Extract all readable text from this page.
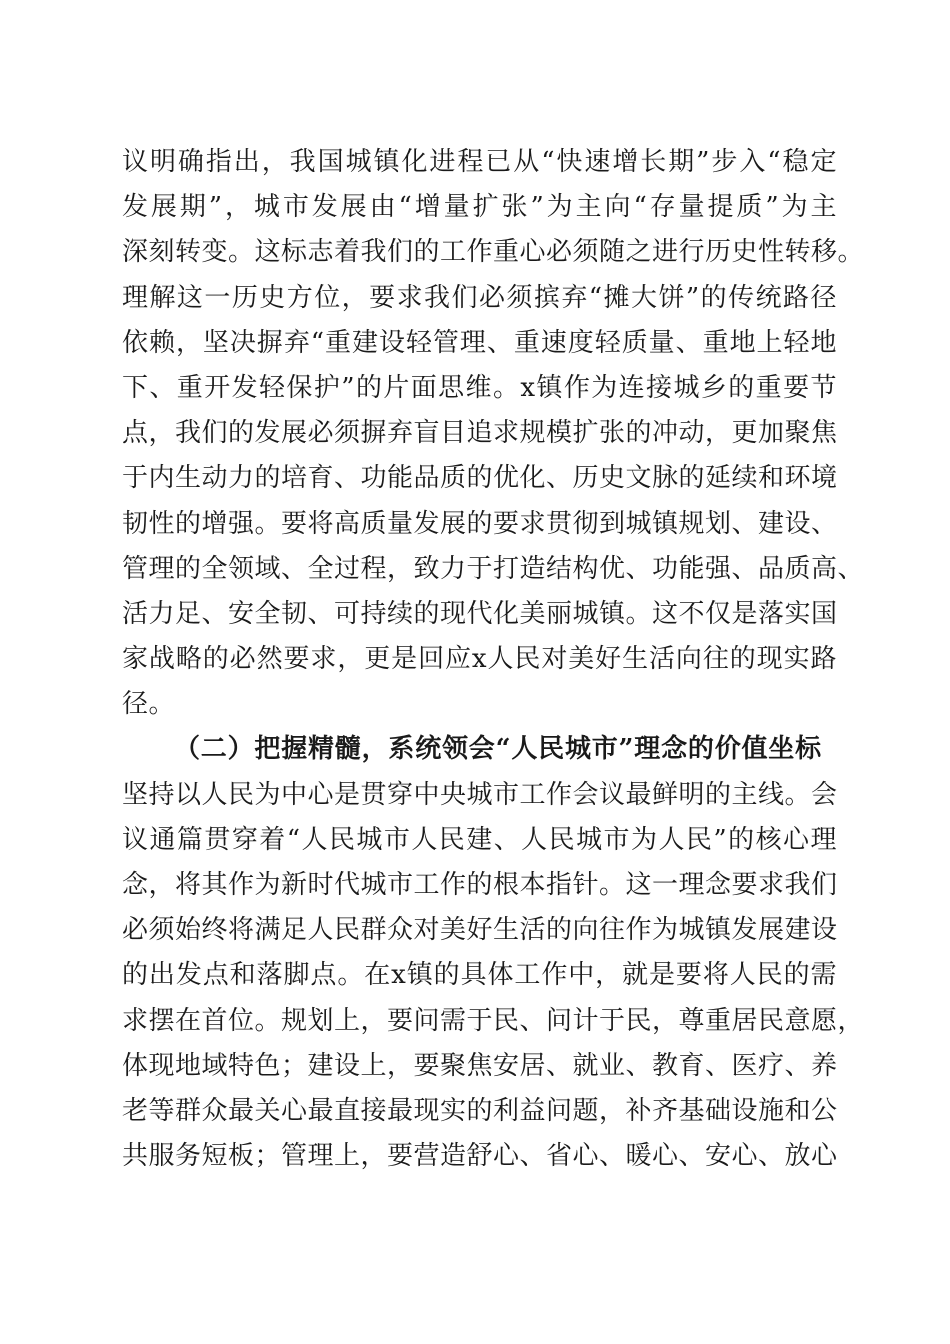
议明确指出，我国城镇化进程已从“快速增长期”步入“稳定
发展期”，城市发展由“增量扩张”为主向“存量提质”为主
深刻转变。这标志着我们的工作重心必须随之进行历史性转移。
理解这一历史方位，要求我们必须摈弃“摊大饼”的传统路径
依赖，坚决摒弃“重建设轻管理、重速度轻质量、重地上轻地
下、重开发轻保护”的片面思维。x镇作为连接城乡的重要节
点，我们的发展必须摒弃盲目追求规模扩张的冲动，更加聚焦
于内生动力的培育、功能品质的优化、历史文脉的延续和环境
韧性的增强。要将高质量发展的要求贯彻到城镇规划、建设、
管理的全领域、全过程，致力于打造结构优、功能强、品质高、
活力足、安全韧、可持续的现代化美丽城镇。这不仅是落实国
家战略的必然要求，更是回应x人民对美好生活向往的现实路
径。
（二）把握精髓，系统领会“人民城市”理念的价值坐标
坚持以人民为中心是贯穿中央城市工作会议最鲜明的主线。会
议通篇贯穿着“人民城市人民建、人民城市为人民”的核心理
念，将其作为新时代城市工作的根本指针。这一理念要求我们
必须始终将满足人民群众对美好生活的向往作为城镇发展建设
的出发点和落脚点。在x镇的具体工作中，就是要将人民的需
求摆在首位。规划上，要问需于民、问计于民，尊重居民意愿，
体现地域特色；建设上，要聚焦安居、就业、教育、医疗、养
老等群众最关心最直接最现实的利益问题，补齐基础设施和公
共服务短板；管理上，要营造舒心、省心、暖心、安心、放心
